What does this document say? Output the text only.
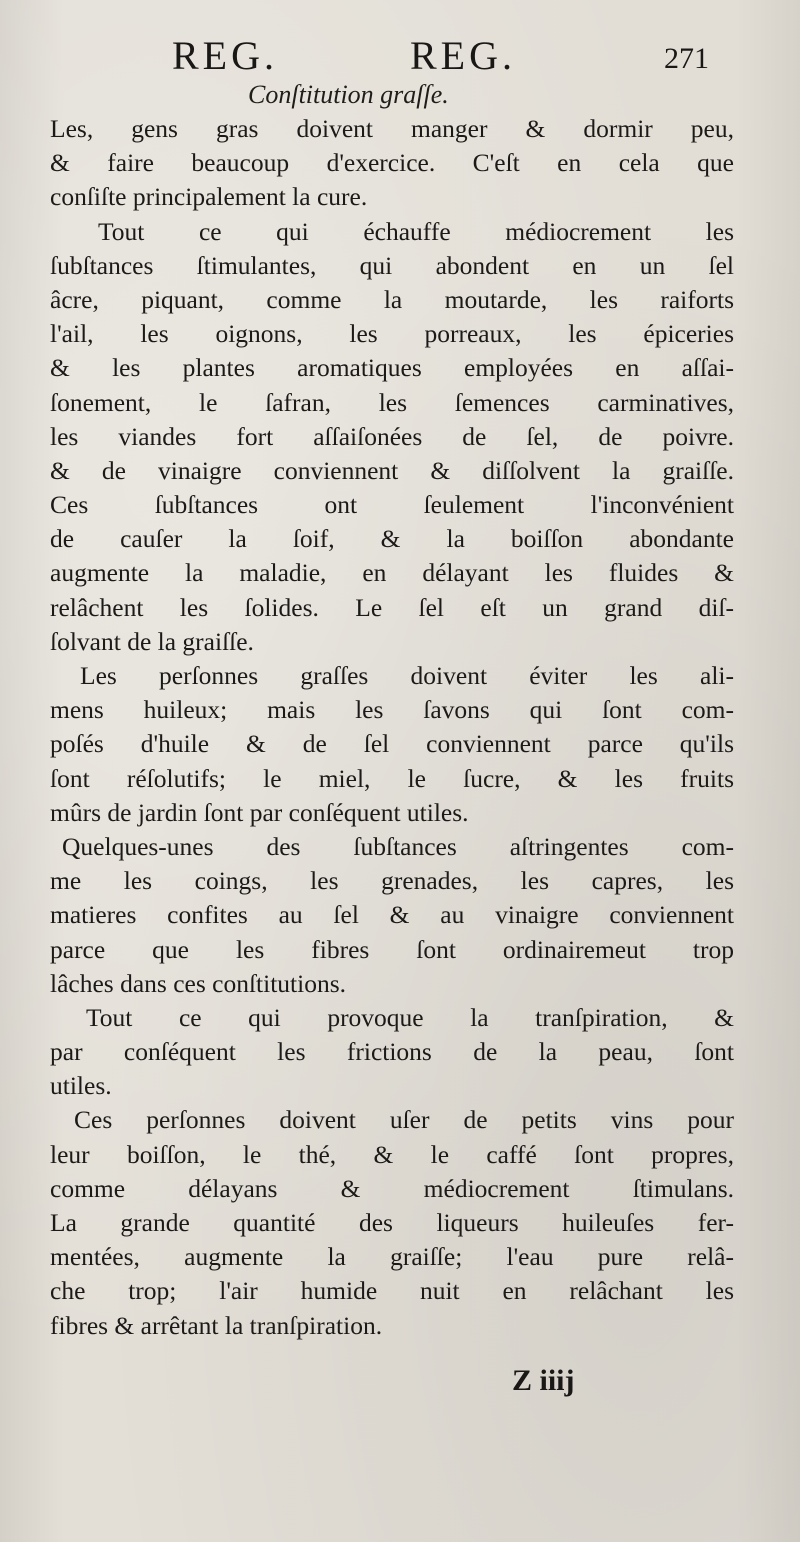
REG.	REG.	271
Conſtitution graſſe.
Les, gens gras doivent manger & dormir peu,
& faire beaucoup d'exercice. C'eſt en cela que
conſiſte principalement la cure.
Tout ce qui échauffe médiocrement les
ſubſtances ſtimulantes, qui abondent en un ſel
âcre, piquant, comme la moutarde, les raiforts
l'ail, les oignons, les porreaux, les épiceries
& les plantes aromatiques employées en aſſai-
ſonement, le ſafran, les ſemences carminatives,
les viandes fort aſſaiſonées de ſel, de poivre.
& de vinaigre conviennent & diſſolvent la graiſſe.
Ces ſubſtances ont ſeulement l'inconvénient
de cauſer la ſoif, & la boiſſon abondante
augmente la maladie, en délayant les fluides &
relâchent les ſolides. Le ſel eſt un grand diſ-
ſolvant de la graiſſe.
Les perſonnes graſſes doivent éviter les ali-
mens huileux; mais les ſavons qui ſont com-
poſés d'huile & de ſel conviennent parce qu'ils
ſont réſolutifs; le miel, le ſucre, & les fruits
mûrs de jardin ſont par conſéquent utiles.
Quelques-unes des ſubſtances aſtringentes com-
me les coings, les grenades, les capres, les
matieres confites au ſel & au vinaigre conviennent
parce que les fibres ſont ordinairemeut trop
lâches dans ces conſtitutions.
Tout ce qui provoque la tranſpiration, &
par conſéquent les frictions de la peau, ſont
utiles.
Ces perſonnes doivent uſer de petits vins pour
leur boiſſon, le thé, & le caffé ſont propres,
comme délayans & médiocrement ſtimulans.
La grande quantité des liqueurs huileuſes fer-
mentées, augmente la graiſſe; l'eau pure relâ-
che trop; l'air humide nuit en relâchant les
fibres & arrêtant la tranſpiration.
Z iiij
